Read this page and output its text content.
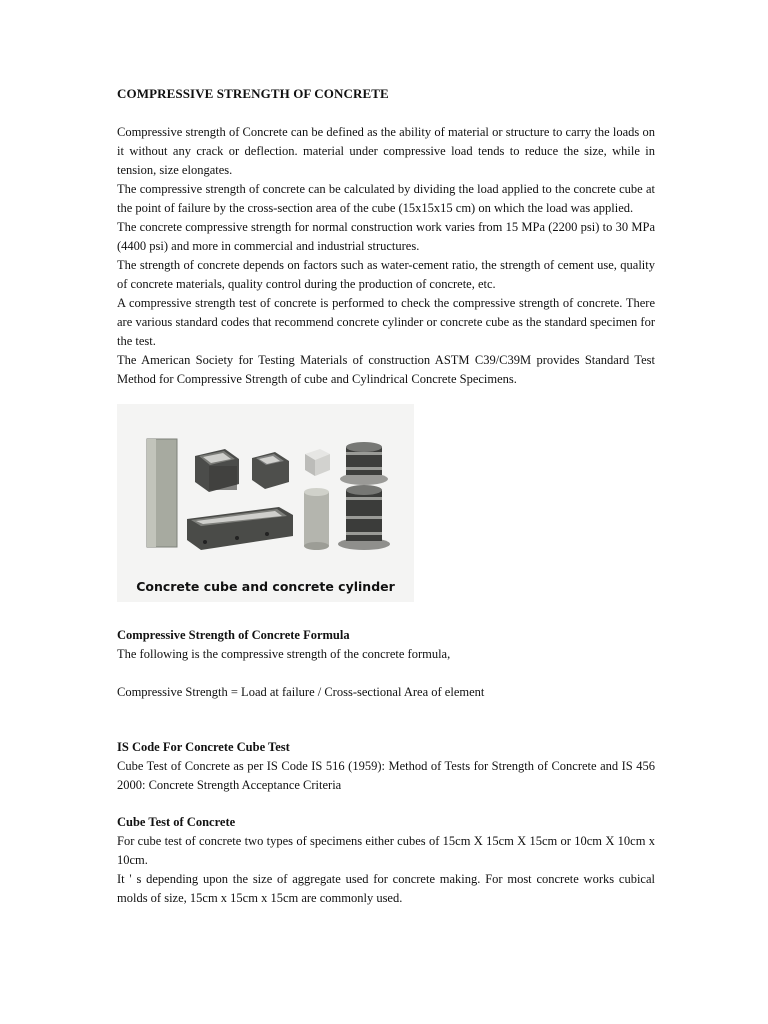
COMPRESSIVE STRENGTH OF CONCRETE

Compressive strength of Concrete can be defined as the ability of material or structure to carry the loads on it without any crack or deflection. material under compressive load tends to reduce the size, while in tension, size elongates.

The compressive strength of concrete can be calculated by dividing the load applied to the concrete cube at the point of failure by the cross-section area of the cube (15x15x15 cm) on which the load was applied.

The concrete compressive strength for normal construction work varies from 15 MPa (2200 psi) to 30 MPa (4400 psi) and more in commercial and industrial structures.

The strength of concrete depends on factors such as water-cement ratio, the strength of cement use, quality of concrete materials, quality control during the production of concrete, etc.

A compressive strength test of concrete is performed to check the compressive strength of concrete. There are various standard codes that recommend concrete cylinder or concrete cube as the standard specimen for the test.

The American Society for Testing Materials of construction ASTM C39/C39M provides Standard Test Method for Compressive Strength of cube and Cylindrical Concrete Specimens.

Concrete cube and concrete cylinder
Compressive Strength of Concrete Formula

The following is the compressive strength of the concrete formula,

Compressive Strength = Load at failure / Cross-sectional Area of element

IS Code For Concrete Cube Test

Cube Test of Concrete as per IS Code IS 516 (1959): Method of Tests for Strength of Concrete and IS 456 2000: Concrete Strength Acceptance Criteria

Cube Test of Concrete

For cube test of concrete two types of specimens either cubes of 15cm X 15cm X 15cm or 10cm X 10cm x 10cm.

It ' s depending upon the size of aggregate used for concrete making. For most concrete works cubical molds of size, 15cm x 15cm x 15cm are commonly used.
